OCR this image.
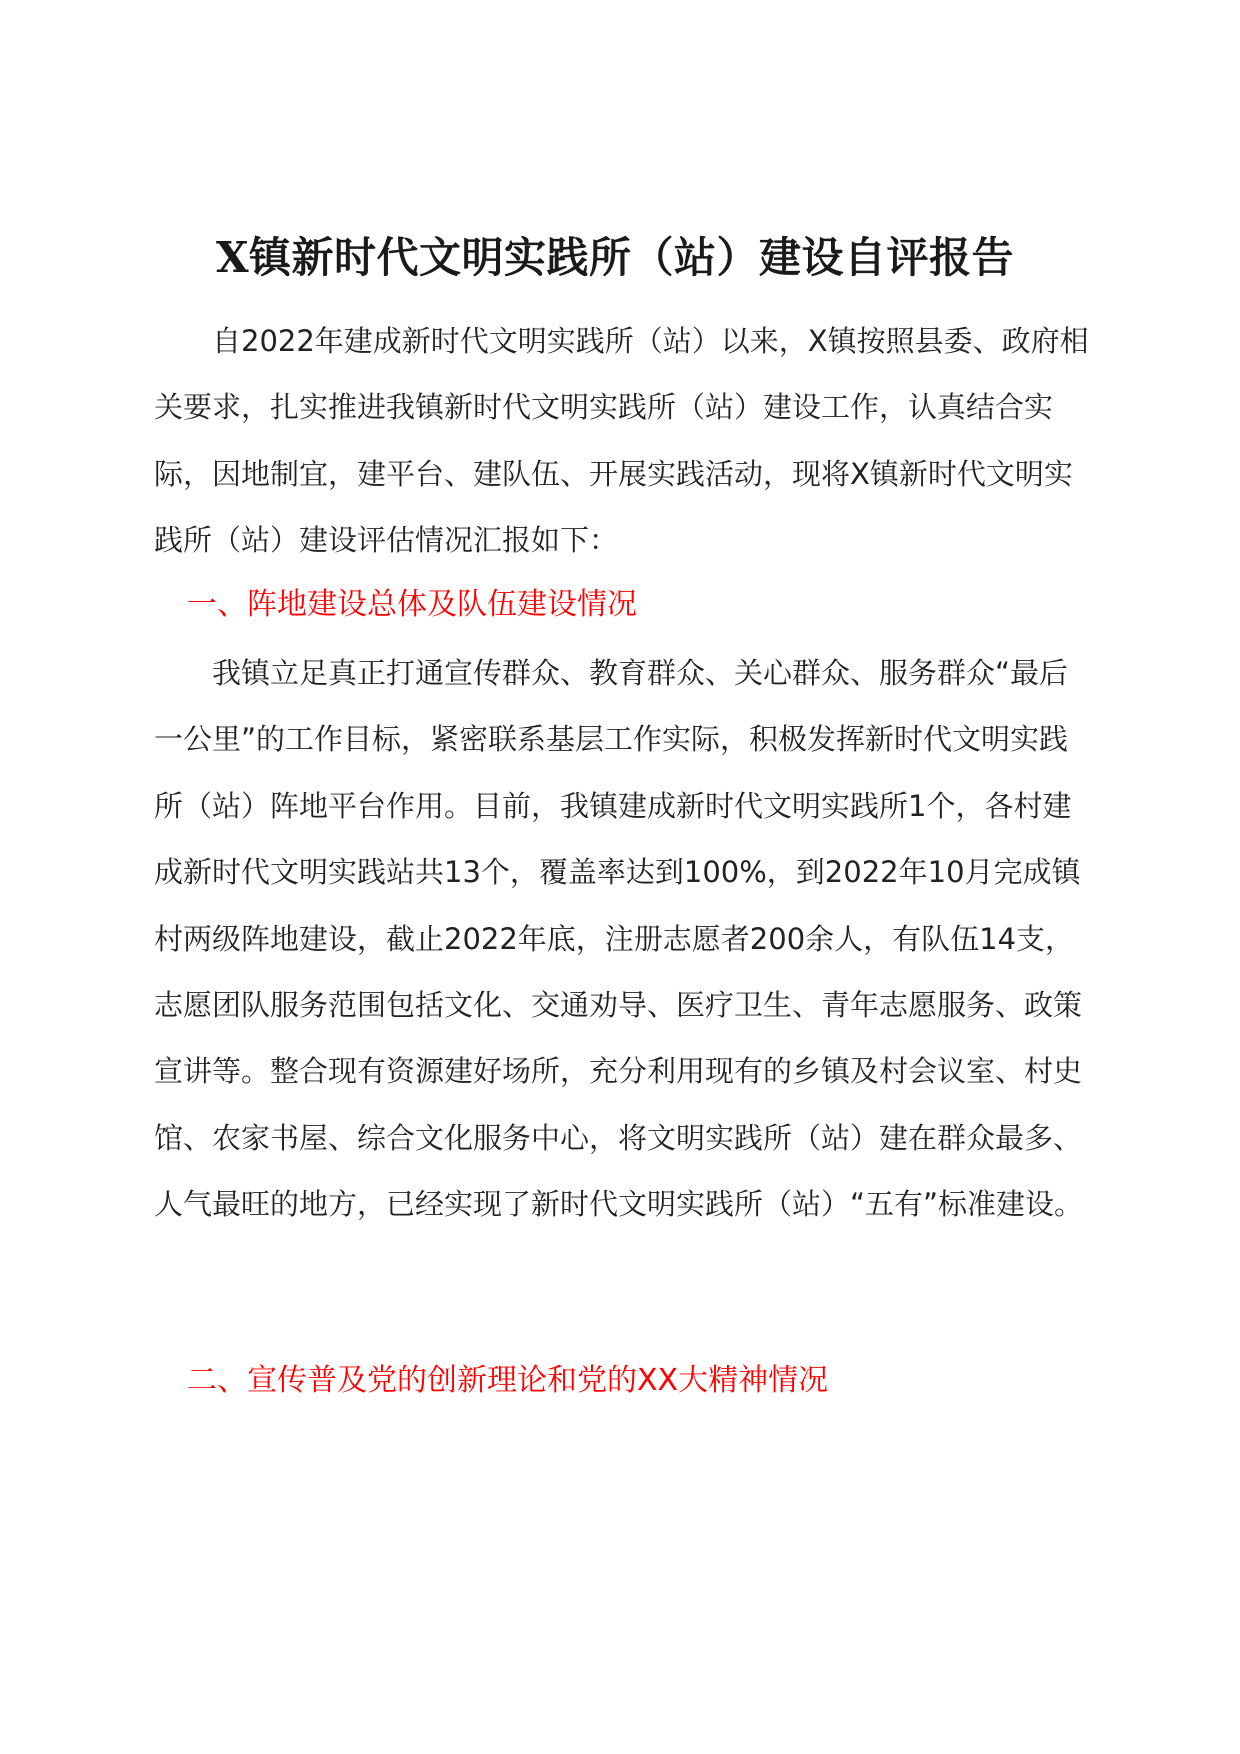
X镇新时代文明实践所（站）建设自评报告

自2022年建成新时代文明实践所（站）以来，X镇按照县委、政府相关要求，扎实推进我镇新时代文明实践所（站）建设工作，认真结合实际，因地制宜，建平台、建队伍、开展实践活动，现将X镇新时代文明实践所（站）建设评估情况汇报如下：

一、阵地建设总体及队伍建设情况

我镇立足真正打通宣传群众、教育群众、关心群众、服务群众“最后一公里”的工作目标，紧密联系基层工作实际，积极发挥新时代文明实践所（站）阵地平台作用。目前，我镇建成新时代文明实践所1个，各村建成新时代文明实践站共13个，覆盖率达到100%，到2022年10月完成镇村两级阵地建设，截止2022年底，注册志愿者200余人，有队伍14支，志愿团队服务范围包括文化、交通劝导、医疗卫生、青年志愿服务、政策宣讲等。整合现有资源建好场所，充分利用现有的乡镇及村会议室、村史馆、农家书屋、综合文化服务中心，将文明实践所（站）建在群众最多、人气最旺的地方，已经实现了新时代文明实践所（站）“五有”标准建设。

二、宣传普及党的创新理论和党的XX大精神情况
